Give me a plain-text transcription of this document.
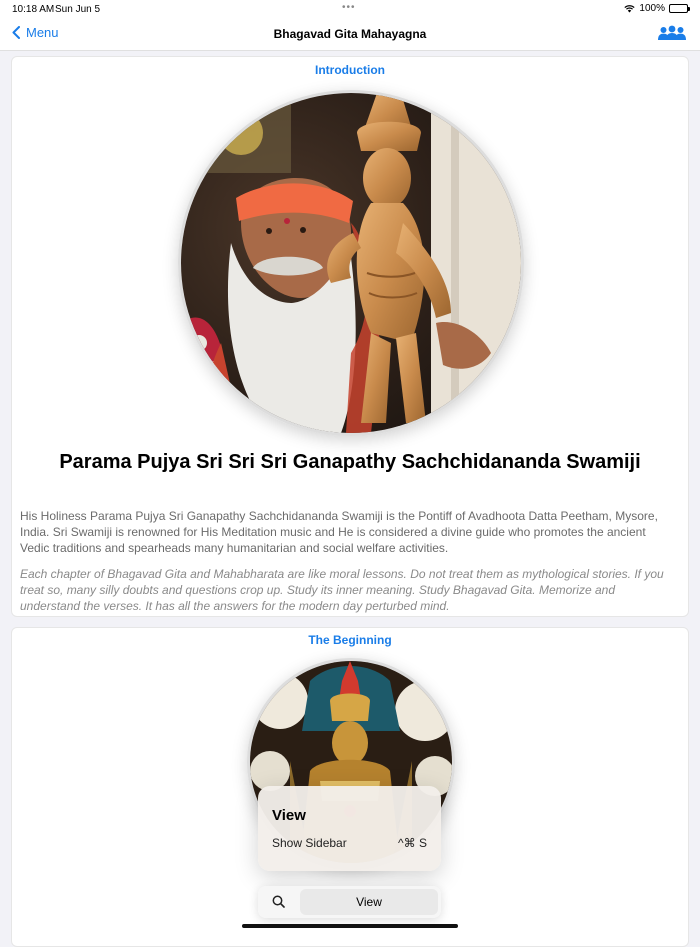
10:18 AM Sun Jun 5	•••	100%
Menu	Bhagavad Gita Mahayagna
Introduction
Parama Pujya Sri Sri Sri Ganapathy Sachchidananda Swamiji
His Holiness Parama Pujya Sri Ganapathy Sachchidananda Swamiji is the Pontiff of Avadhoota Datta Peetham, Mysore, India. Sri Swamiji is renowned for His Meditation music and He is considered a divine guide who promotes the ancient Vedic traditions and spearheads many humanitarian and social welfare activities.
Each chapter of Bhagavad Gita and Mahabharata are like moral lessons. Do not treat them as mythological stories. If you treat so, many silly doubts and questions crop up. Study its inner meaning. Study Bhagavad Gita. Memorize and understand the verses. It has all the answers for the modern day perturbed mind.
The Beginning
View
Show Sidebar	^⌘ S
View
